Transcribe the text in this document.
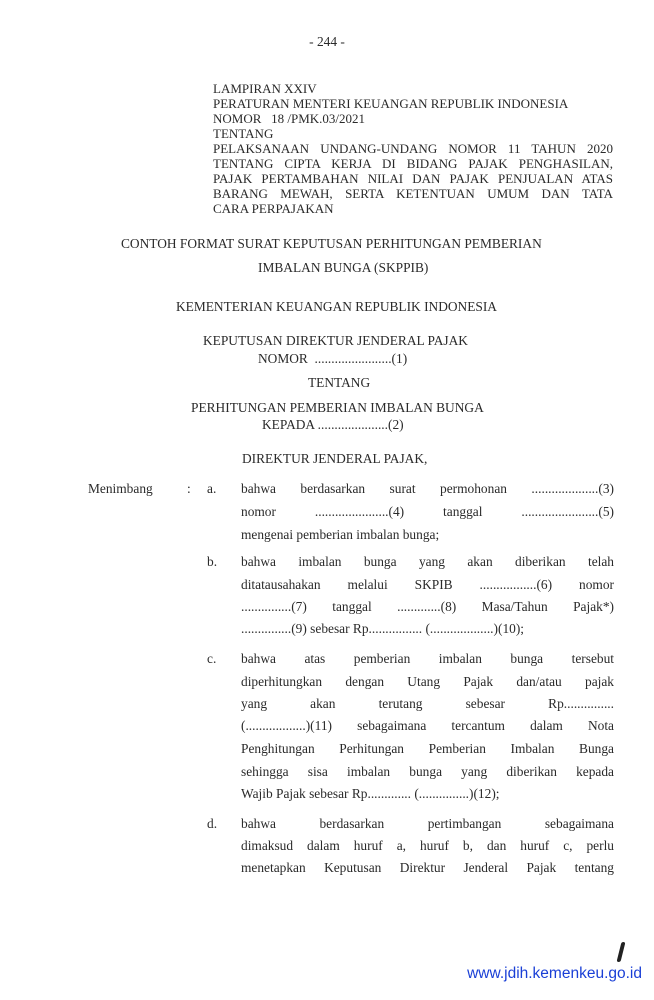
- 244 -
LAMPIRAN XXIV
PERATURAN MENTERI KEUANGAN REPUBLIK INDONESIA
NOMOR   18 /PMK.03/2021
TENTANG
PELAKSANAAN UNDANG-UNDANG NOMOR 11 TAHUN 2020
TENTANG CIPTA KERJA DI BIDANG PAJAK PENGHASILAN,
PAJAK PERTAMBAHAN NILAI DAN PAJAK PENJUALAN ATAS
BARANG MEWAH, SERTA KETENTUAN UMUM DAN TATA
CARA PERPAJAKAN
CONTOH FORMAT SURAT KEPUTUSAN PERHITUNGAN PEMBERIAN
IMBALAN BUNGA (SKPPIB)
KEMENTERIAN KEUANGAN REPUBLIK INDONESIA
KEPUTUSAN DIREKTUR JENDERAL PAJAK
NOMOR  .......................(1)
TENTANG
PERHITUNGAN PEMBERIAN IMBALAN BUNGA
KEPADA .....................(2)
DIREKTUR JENDERAL PAJAK,
Menimbang	: a. bahwa berdasarkan surat permohonan ....................(3)
nomor ......................(4) tanggal .......................(5)
mengenai pemberian imbalan bunga;
b. bahwa imbalan bunga yang akan diberikan telah
ditatausahakan melalui SKPIB .................(6) nomor
...............(7) tanggal .............(8) Masa/Tahun Pajak*)
...............(9) sebesar Rp................ (...................)(10);
c. bahwa atas pemberian imbalan bunga tersebut
diperhitungkan dengan Utang Pajak dan/atau pajak
yang akan terutang sebesar Rp...............
(..................)(11) sebagaimana tercantum dalam Nota
Penghitungan Perhitungan Pemberian Imbalan Bunga
sehingga sisa imbalan bunga yang diberikan kepada
Wajib Pajak sebesar Rp............. (...............)(12);
d. bahwa berdasarkan pertimbangan sebagaimana
dimaksud dalam huruf a, huruf b, dan huruf c, perlu
menetapkan Keputusan Direktur Jenderal Pajak tentang
www.jdih.kemenkeu.go.id
